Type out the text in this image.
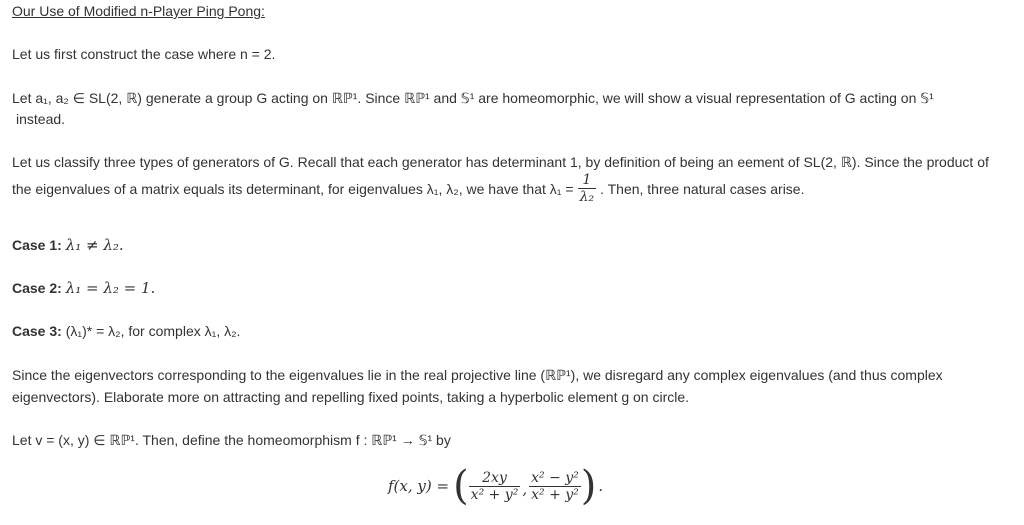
Our Use of Modified n-Player Ping Pong:
Let us first construct the case where n = 2.
Let a₁, a₂ ∈ SL(2, ℝ) generate a group G acting on ℝℙ¹. Since ℝℙ¹ and 𝕊¹ are homeomorphic, we will show a visual representation of G acting on 𝕊¹
instead.
Let us classify three types of generators of G. Recall that each generator has determinant 1, by definition of being an eement of SL(2, ℝ). Since the product of
the eigenvalues of a matrix equals its determinant, for eigenvalues λ₁, λ₂, we have that $\lambda_1 = \frac{1}{\text{λ₂}}$ . Then, three natural cases arise.
Case 1: λ₁ ≠ λ₂.
Case 2: λ₁ = λ₂ = 1.
Case 3: (λ₁)* = λ₂, for complex λ₁, λ₂.
Since the eigenvectors corresponding to the eigenvalues lie in the real projective line (ℝℙ¹), we disregard any complex eigenvalues (and thus complex
eigenvectors). Elaborate more on attracting and repelling fixed points, taking a hyperbolic element g on circle.
Let v = (x, y) ∈ ℝℙ¹. Then, define the homeomorphism f : ℝℙ¹ → 𝕊¹ by
f(x, y) = ( $\frac{2xy}{\text{x² + y²}}$ , $\frac{\text{x² − y²}}{\text{x² + y²}}$ ) .
